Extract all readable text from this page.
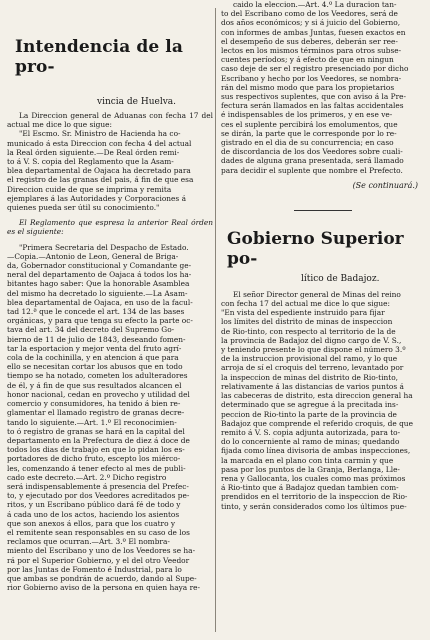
Intendencia de la pro-
vincia de Huelva.

La Direccion general de Aduanas con fecha 17 del actual me dice lo que sigue:

"El Escmo. Sr. Ministro de Hacienda ha co-

municado á esta Direccion con fecha 4 del actual

la Real órden siguiente.—De Real órden remi-

to á V. S. copia del Reglamento que la Asam-

blea departamental de Oajaca ha decretado para

el registro de las granas del pais, á fin de que esa

Direccion cuide de que se imprima y remita

ejemplares á las Autoridades y Corporaciones á

quienes pueda ser útil su conocimiento."

El Reglamento que espresa la anterior Real órden es el siguiente:

"Primera Secretaria del Despacho de Estado.

—Copia.—Antonio de Leon, General de Briga-

da, Gobernador constitucional y Comandante ge-

neral del departamento de Oajaca á todos los ha-

bitantes hago saber: Que la honorable Asamblea

del mismo ha decretado lo siguiente.—La Asam-

blea departamental de Oajaca, en uso de la facul-

tad 12.ª que le concede el art. 134 de las bases

orgánicas, y para que tenga su efecto la parte oc-

tava del art. 34 del decreto del Supremo Go-

bierno de 11 de julio de 1843, deseando fomen-

tar la esportacion y mejor venta del fruto agrí-

cola de la cochinilla, y en atencion á que para

ello se necesitan cortar los abusos que en todo

tiempo se ha notado, cometen los adulteradores

de él, y á fin de que sus resultados alcancen el

honor nacional, cedan en provecho y utilidad del

comercio y consumidores, ha tenido á bien re-

glamentar el llamado registro de granas decre-

tando lo siguiente.—Art. 1.º El reconocimien-

to ó registro de granas se hará en la capital del

departamento en la Prefectura de diez á doce de

todos los dias de trabajo en que lo pidan los es-

portadores de dicho fruto, escepto los miérco-

les, comenzando á tener efecto al mes de publi-

cado este decreto.—Art. 2.º Dicho registro

será indispensablemente á presencia del Prefec-

to, y ejecutado por dos Veedores acreditados pe-

ritos, y un Escribano público dará fé de todo y

á cada uno de los actos, haciendo los asientos

que son anexos á ellos, para que los cuatro y

el remitente sean responsables en su caso de los

reclamos que ocurran.—Art. 3.º El nombra-

miento del Escribano y uno de los Veedores se ha-

rá por el Superior Gobierno, y el del otro Veedor

por las Juntas de Fomento é Industrial, para lo

que ambas se pondrán de acuerdo, dando al Supe-

rior Gobierno aviso de la persona en quien haya re-

caido la eleccion.—Art. 4.º La duracion tan-

to del Escribano como de los Veedores, será de

dos años económicos; y si á juicio del Gobierno,

con informes de ambas Juntas, fuesen exactos en

el desempeño de sus deberes, deberán ser ree-

lectos en los mismos términos para otros subse-

cuentes períodos; y á efecto de que en ningun

caso deje de ser el registro presenciado por dicho

Escribano y hecho por los Veedores, se nombra-

rán del mismo modo que para los propietarios

sus respectivos suplentes, que con aviso á la Pre-

fectura serán llamados en las faltas accidentales

é indispensables de los primeros, y en ese ve-

ces el suplente percibirá los emolumentos, que

se dirán, la parte que le corresponde por lo re-

gistrado en el dia de su concurrencia; en caso

de discordancia de los dos Veedores sobre cuali-

dades de alguna grana presentada, será llamado

para decidir el suplente que nombre el Prefecto.

(Se continuará.)
Gobierno Superior po-
lítico de Badajoz.

El señor Director general de Minas del reino

con fecha 17 del actual me dice lo que sigue:

"En vista del espediente instruido para fijar

los límites del distrito de minas de inspeccion

de Rio-tinto, con respecto al territorio de la de

la provincia de Badajoz del digno cargo de V. S.,

y teniendo presente lo que dispone el número 3.º

de la instruccion provisional del ramo, y lo que

arroja de sí el croquis del terreno, levantado por

la inspeccion de minas del distrito de Rio-tinto,

relativamente á las distancias de varios puntos á

las cabeceras de distrito, esta direccion general ha

determinado que se agregue á la precitada ins-

peccion de Rio-tinto la parte de la provincia de

Badajoz que comprende el referido croquis, de que

remito á V. S. copia adjunta autorizada, para to-

do lo concerniente al ramo de minas; quedando

fijada como línea divisoria de ambas inspecciones,

la marcada en el plano con tinta carmin y que

pasa por los puntos de la Granja, Berlanga, Lle-

rena y Gallocanta, los cuales como mas próximos

á Rio-tinto que á Badajoz quedan tambien com-

prendidos en el territorio de la inspeccion de Rio-

tinto, y serán considerados como los últimos pue-
